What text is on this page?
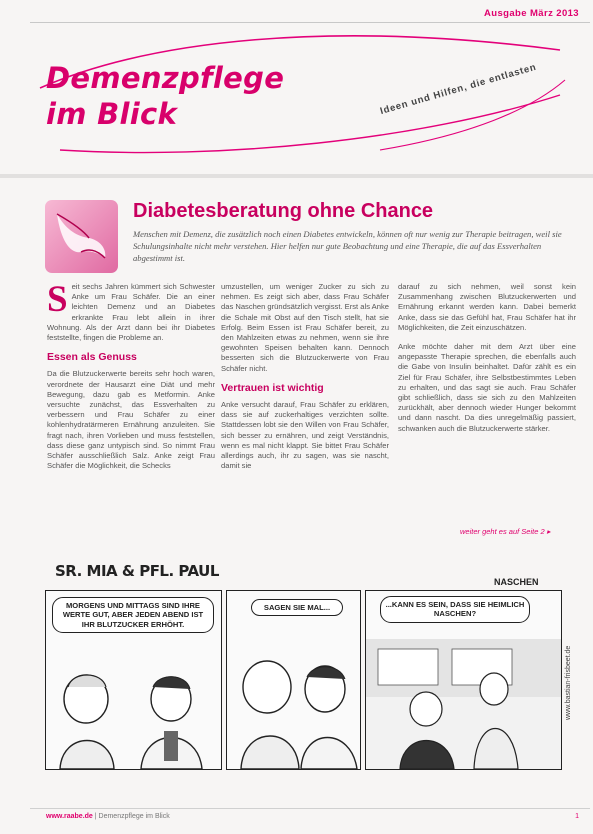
Ausgabe März 2013
Demenzpflege
im Blick	Ideen und Hilfen, die entlasten
Diabetesberatung ohne Chance
Menschen mit Demenz, die zusätzlich noch einen Diabetes entwickeln, können oft nur wenig zur Therapie beitragen, weil sie Schulungsinhalte nicht mehr verstehen. Hier helfen nur gute Beobachtung und eine Therapie, die auf das Essverhalten abgestimmt ist.

Seit sechs Jahren kümmert sich Schwester Anke um Frau Schäfer. Die an einer leichten Demenz und an Diabetes erkrankte Frau lebt allein in ihrer Wohnung. Als der Arzt dann bei ihr Diabetes feststellte, fingen die Probleme an.

Essen als Genuss

Da die Blutzuckerwerte bereits sehr hoch waren, verordnete der Hausarzt eine Diät und mehr Bewegung, dazu gab es Metformin. Anke versuchte zunächst, das Essverhalten zu verbessern und Frau Schäfer zu einer kohlenhydratärmeren Ernährung anzuleiten. Sie fragt nach, ihren Vorlieben und muss feststellen, dass diese ganz untypisch sind. So nimmt Frau Schäfer ausschließlich Salz. Anke zeigt Frau Schäfer die Möglichkeit, die Schecks

umzustellen, um weniger Zucker zu sich zu nehmen. Es zeigt sich aber, dass Frau Schäfer das Naschen gründsätzlich vergisst. Erst als Anke die Schale mit Obst auf den Tisch stellt, hat sie Erfolg. Beim Essen ist Frau Schäfer bereit, zu den Mahlzeiten etwas zu nehmen, wenn sie ihre gewohnten Speisen behalten kann. Dennoch besserten sich die Blutzuckerwerte von Frau Schäfer nicht.

Vertrauen ist wichtig

Anke versucht darauf, Frau Schäfer zu erklären, dass sie auf zuckerhaltiges verzichten sollte. Stattdessen lobt sie den Willen von Frau Schäfer, sich besser zu ernähren, und zeigt Verständnis, wenn es mal nicht klappt. Sie bittet Frau Schäfer allerdings auch, ihr zu sagen, was sie nascht, damit sie

darauf zu sich nehmen, weil sonst kein Zusammenhang zwischen Blutzuckerwerten und Ernährung erkannt werden kann. Dabei bemerkt Anke, dass sie das Gefühl hat, Frau Schäfer hat ihr Möglichkeiten, die Zeit einzuschätzen.

Anke möchte daher mit dem Arzt über eine angepasste Therapie sprechen, die ebenfalls auch die Gabe von Insulin beinhaltet. Dafür zählt es ein Ziel für Frau Schäfer, ihre Selbstbestimmtes Leben zu erhalten, und das sagt sie auch. Frau Schäfer gibt schließlich, dass sie sich zu den Mahlzeiten zurückhält, aber dennoch wieder Hunger bekommt und dann nascht. Da dies unregelmäßig passiert, schwanken auch die Blutzuckerwerte stärker.

weiter geht es auf Seite 2 ▸
SR. MIA & PFL. PAUL
NASCHEN
MORGENS UND MITTAGS SIND IHRE WERTE GUT, ABER JEDEN ABEND IST IHR BLUTZUCKER ERHÖHT.
SAGEN SIE MAL...	...KANN ES SEIN, DASS SIE HEIMLICH NASCHEN?
www.bastian-frisbeet.de
www.raabe.de | Demenzpflege im Blick	1
